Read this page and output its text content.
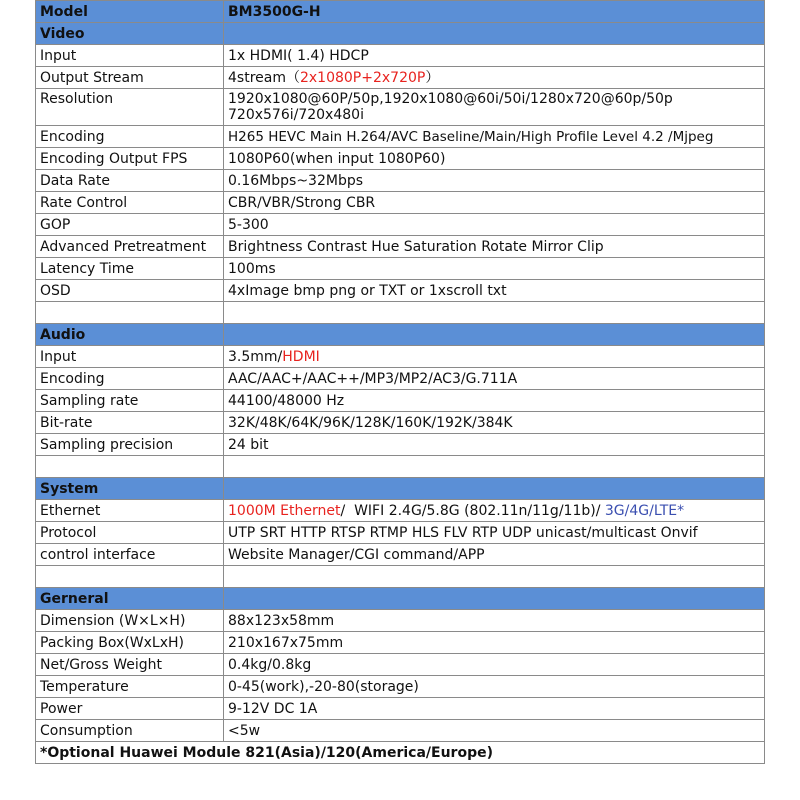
Model	BM3500G-H
Video	
Input	1x HDMI( 1.4) HDCP
Output Stream	4stream（2x1080P+2x720P）
Resolution	1920x1080@60P/50p,1920x1080@60i/50i/1280x720@60p/50p
720x576i/720x480i

Encoding	H265 HEVC Main H.264/AVC Baseline/Main/High Profile Level 4.2 /Mjpeg
Encoding Output FPS	1080P60(when input 1080P60)
Data Rate	0.16Mbps~32Mbps
Rate Control	CBR/VBR/Strong CBR
GOP	5-300
Advanced Pretreatment	Brightness Contrast Hue Saturation Rotate Mirror Clip
Latency Time	100ms
OSD	4xImage bmp png or TXT or 1xscroll txt

Audio	
Input	3.5mm/HDMI
Encoding	AAC/AAC+/AAC++/MP3/MP2/AC3/G.711A
Sampling rate	44100/48000 Hz
Bit-rate	32K/48K/64K/96K/128K/160K/192K/384K
Sampling precision	24 bit

System	
Ethernet	1000M Ethernet/  WIFI 2.4G/5.8G (802.11n/11g/11b)/ 3G/4G/LTE*
Protocol	UTP SRT HTTP RTSP RTMP HLS FLV RTP UDP unicast/multicast Onvif
control interface	Website Manager/CGI command/APP

Gerneral	
Dimension (W×L×H)	88x123x58mm
Packing Box(WxLxH)	210x167x75mm
Net/Gross Weight	0.4kg/0.8kg
Temperature	0-45(work),-20-80(storage)
Power	9-12V DC 1A
Consumption	<5w
*Optional Huawei Module 821(Asia)/120(America/Europe)	
